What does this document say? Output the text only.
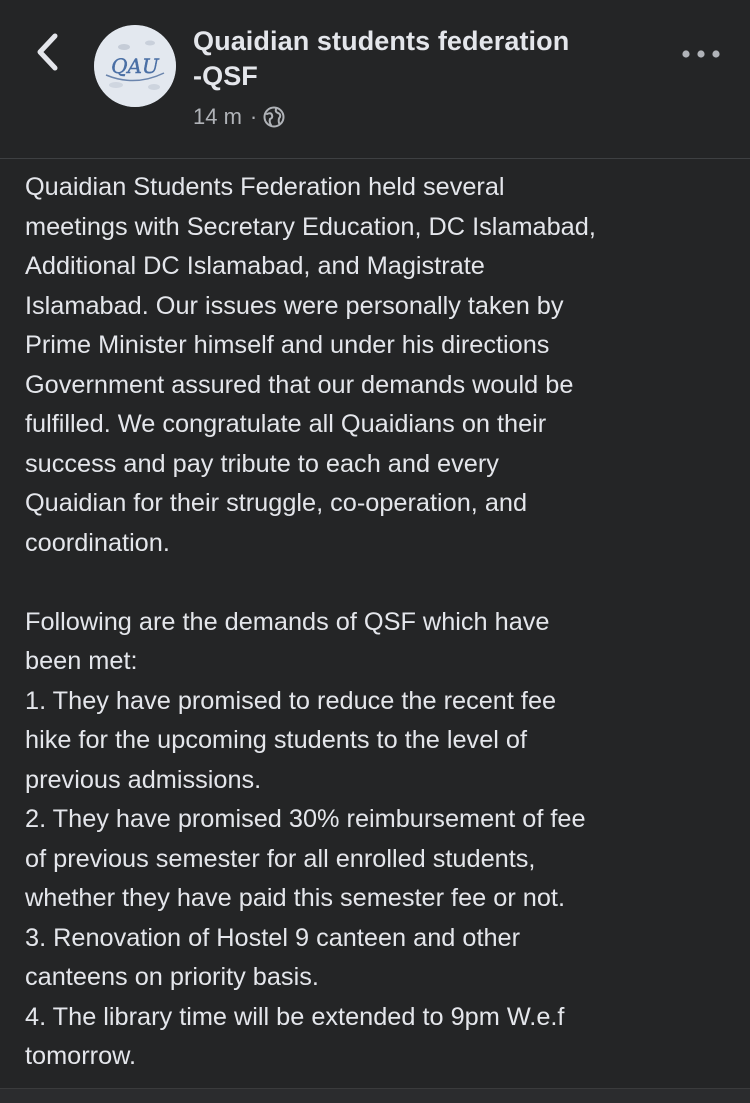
QAU
Quaidian students federation
-QSF
14 m ·

Quaidian Students Federation held several

meetings with Secretary Education, DC Islamabad,

Additional DC Islamabad, and Magistrate

Islamabad. Our issues were personally taken by

Prime Minister himself and under his directions

Government assured that our demands would be

fulfilled. We congratulate all Quaidians on their

success and pay tribute to each and every

Quaidian for their struggle, co-operation, and

coordination.

Following are the demands of QSF which have

been met:

1. They have promised to reduce the recent fee

hike for the upcoming students to the level of

previous admissions.

2. They have promised 30% reimbursement of fee

of previous semester for all enrolled students,

whether they have paid this semester fee or not.

3. Renovation of Hostel 9 canteen and other

canteens on priority basis.

4. The library time will be extended to 9pm W.e.f

tomorrow.
